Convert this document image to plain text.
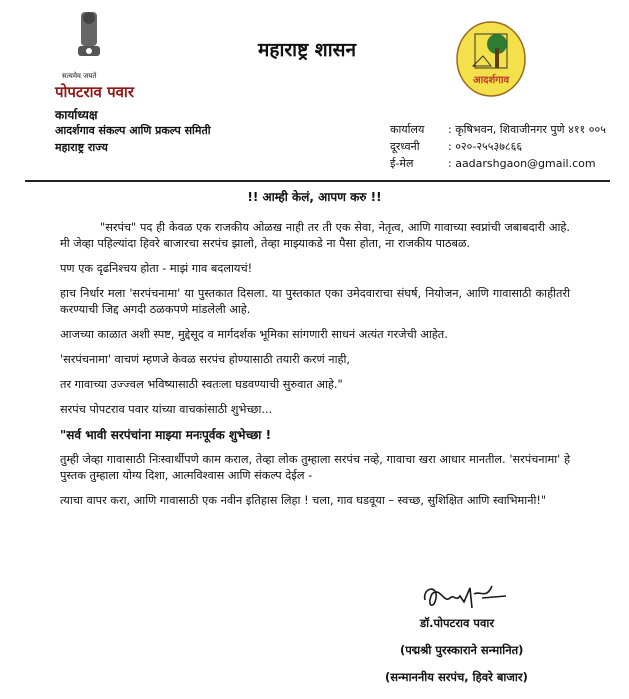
सत्यमेव जयते
पोपटराव पवार
कार्याध्यक्ष
आदर्शगाव संकल्प आणि प्रकल्प समिती
महाराष्ट्र राज्य
महाराष्ट्र शासन
आदर्शगाव
कार्यालय : कृषिभवन, शिवाजीनगर पुणे ४११ ००५
दूरध्वनी	: ०२०-२५५३७८६६
ई-मेल	: aadarshgaon@gmail.com
!! आम्ही केलं, आपण करु !!

"सरपंच" पद ही केवळ एक राजकीय ओळख नाही तर ती एक सेवा, नेतृत्व, आणि गावाच्या स्वप्नांची जबाबदारी आहे. मी जेव्हा पहिल्यांदा हिवरे बाजारचा सरपंच झालो, तेव्हा माझ्याकडे ना पैसा होता, ना राजकीय पाठबळ.

पण एक दृढनिश्चय होता - माझं गाव बदलायचं!

हाच निर्धार मला 'सरपंचनामा' या पुस्तकात दिसला. या पुस्तकात एका उमेदवाराचा संघर्ष, नियोजन, आणि गावासाठी काहीतरी करण्याची जिद्द अगदी ठळकपणे मांडलेली आहे.

आजच्या काळात अशी स्पष्ट, मुद्देसूद व मार्गदर्शक भूमिका सांगणारी साधनं अत्यंत गरजेची आहेत.

'सरपंचनामा' वाचणं म्हणजे केवळ सरपंच होण्यासाठी तयारी करणं नाही,

तर गावाच्या उज्ज्वल भविष्यासाठी स्वतःला घडवण्याची सुरुवात आहे."

सरपंच पोपटराव पवार यांच्या वाचकांसाठी शुभेच्छा...

"सर्व भावी सरपंचांना माझ्या मनःपूर्वक शुभेच्छा !

तुम्ही जेव्हा गावासाठी निःस्वार्थीपणे काम कराल, तेव्हा लोक तुम्हाला सरपंच नव्हे, गावाचा खरा आधार मानतील. 'सरपंचनामा' हे पुस्तक तुम्हाला योग्य दिशा, आत्मविश्वास आणि संकल्प देईल -

त्याचा वापर करा, आणि गावासाठी एक नवीन इतिहास लिहा ! चला, गाव घडवूया – स्वच्छ, सुशिक्षित आणि स्वाभिमानी!"

डॉ.पोपटराव पवार
(पद्मश्री पुरस्काराने सन्मानित)
(सन्माननीय सरपंच, हिवरे बाजार)
